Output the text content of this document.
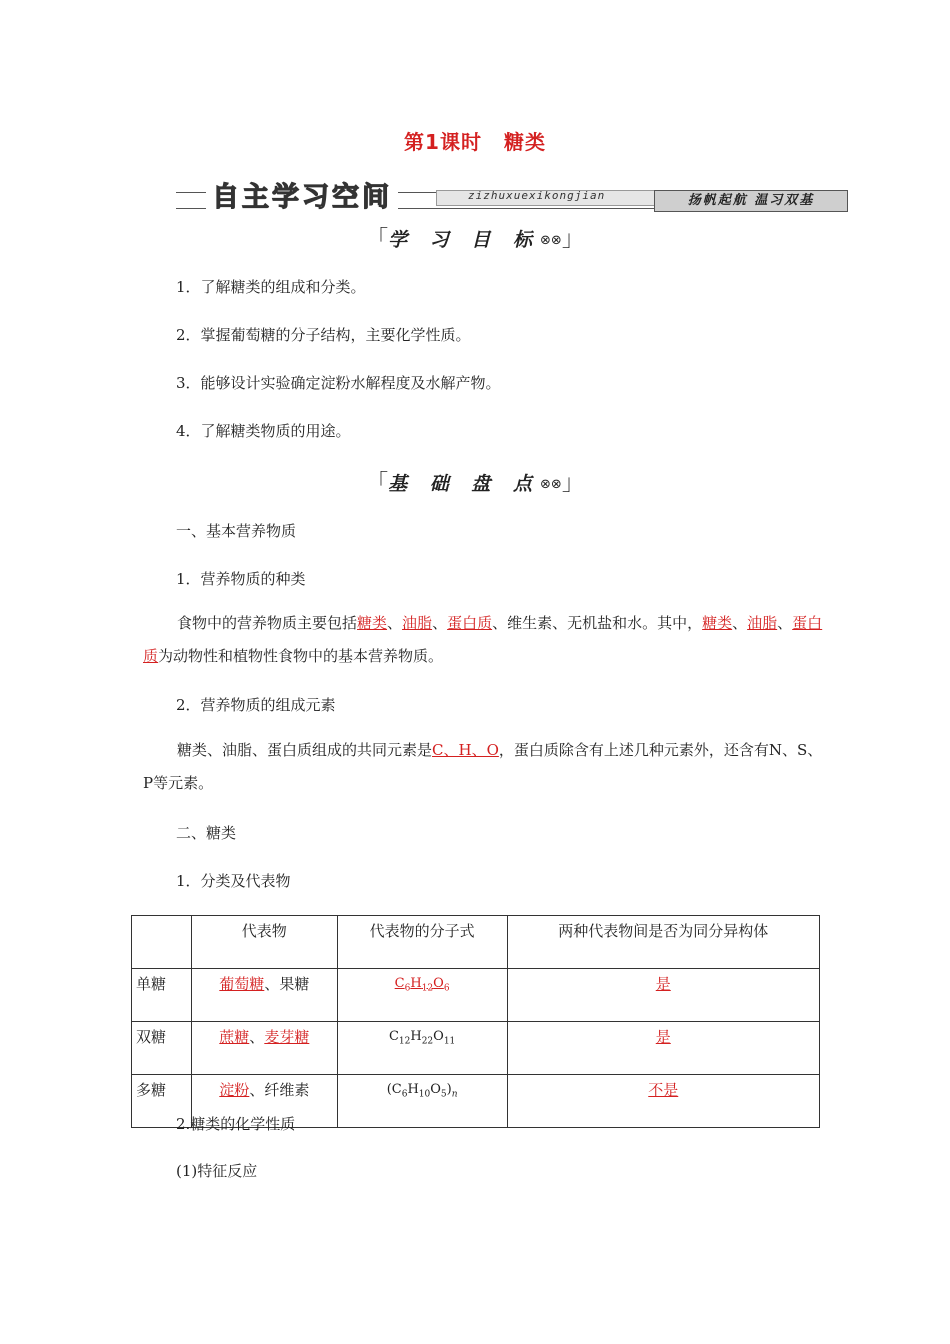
第1课时 糖类
自主学习空间	zizhuxuexikongjian	扬帆起航 温习双基
「学 习 目 标⊗⊗」
1．了解糖类的组成和分类。
2．掌握葡萄糖的分子结构，主要化学性质。
3．能够设计实验确定淀粉水解程度及水解产物。
4．了解糖类物质的用途。
「基 础 盘 点⊗⊗」
一、基本营养物质
1．营养物质的种类
食物中的营养物质主要包括糖类、油脂、蛋白质、维生素、无机盐和水。其中，糖类、油脂、蛋白质为动物性和植物性食物中的基本营养物质。
2．营养物质的组成元素
糖类、油脂、蛋白质组成的共同元素是C、H、O，蛋白质除含有上述几种元素外，还含有N、S、P等元素。
二、糖类
1．分类及代表物
	代表物	代表物的分子式	两种代表物间是否为同分异构体
单糖	葡萄糖、果糖	$C_6H_{12}O_6$	是
双糖	蔗糖、麦芽糖	$C_{12}H_{22}O_{11}$	是
多糖	淀粉、纤维素	$(C_6H_{10}O_5)_n$	不是
2.糖类的化学性质
(1)特征反应
